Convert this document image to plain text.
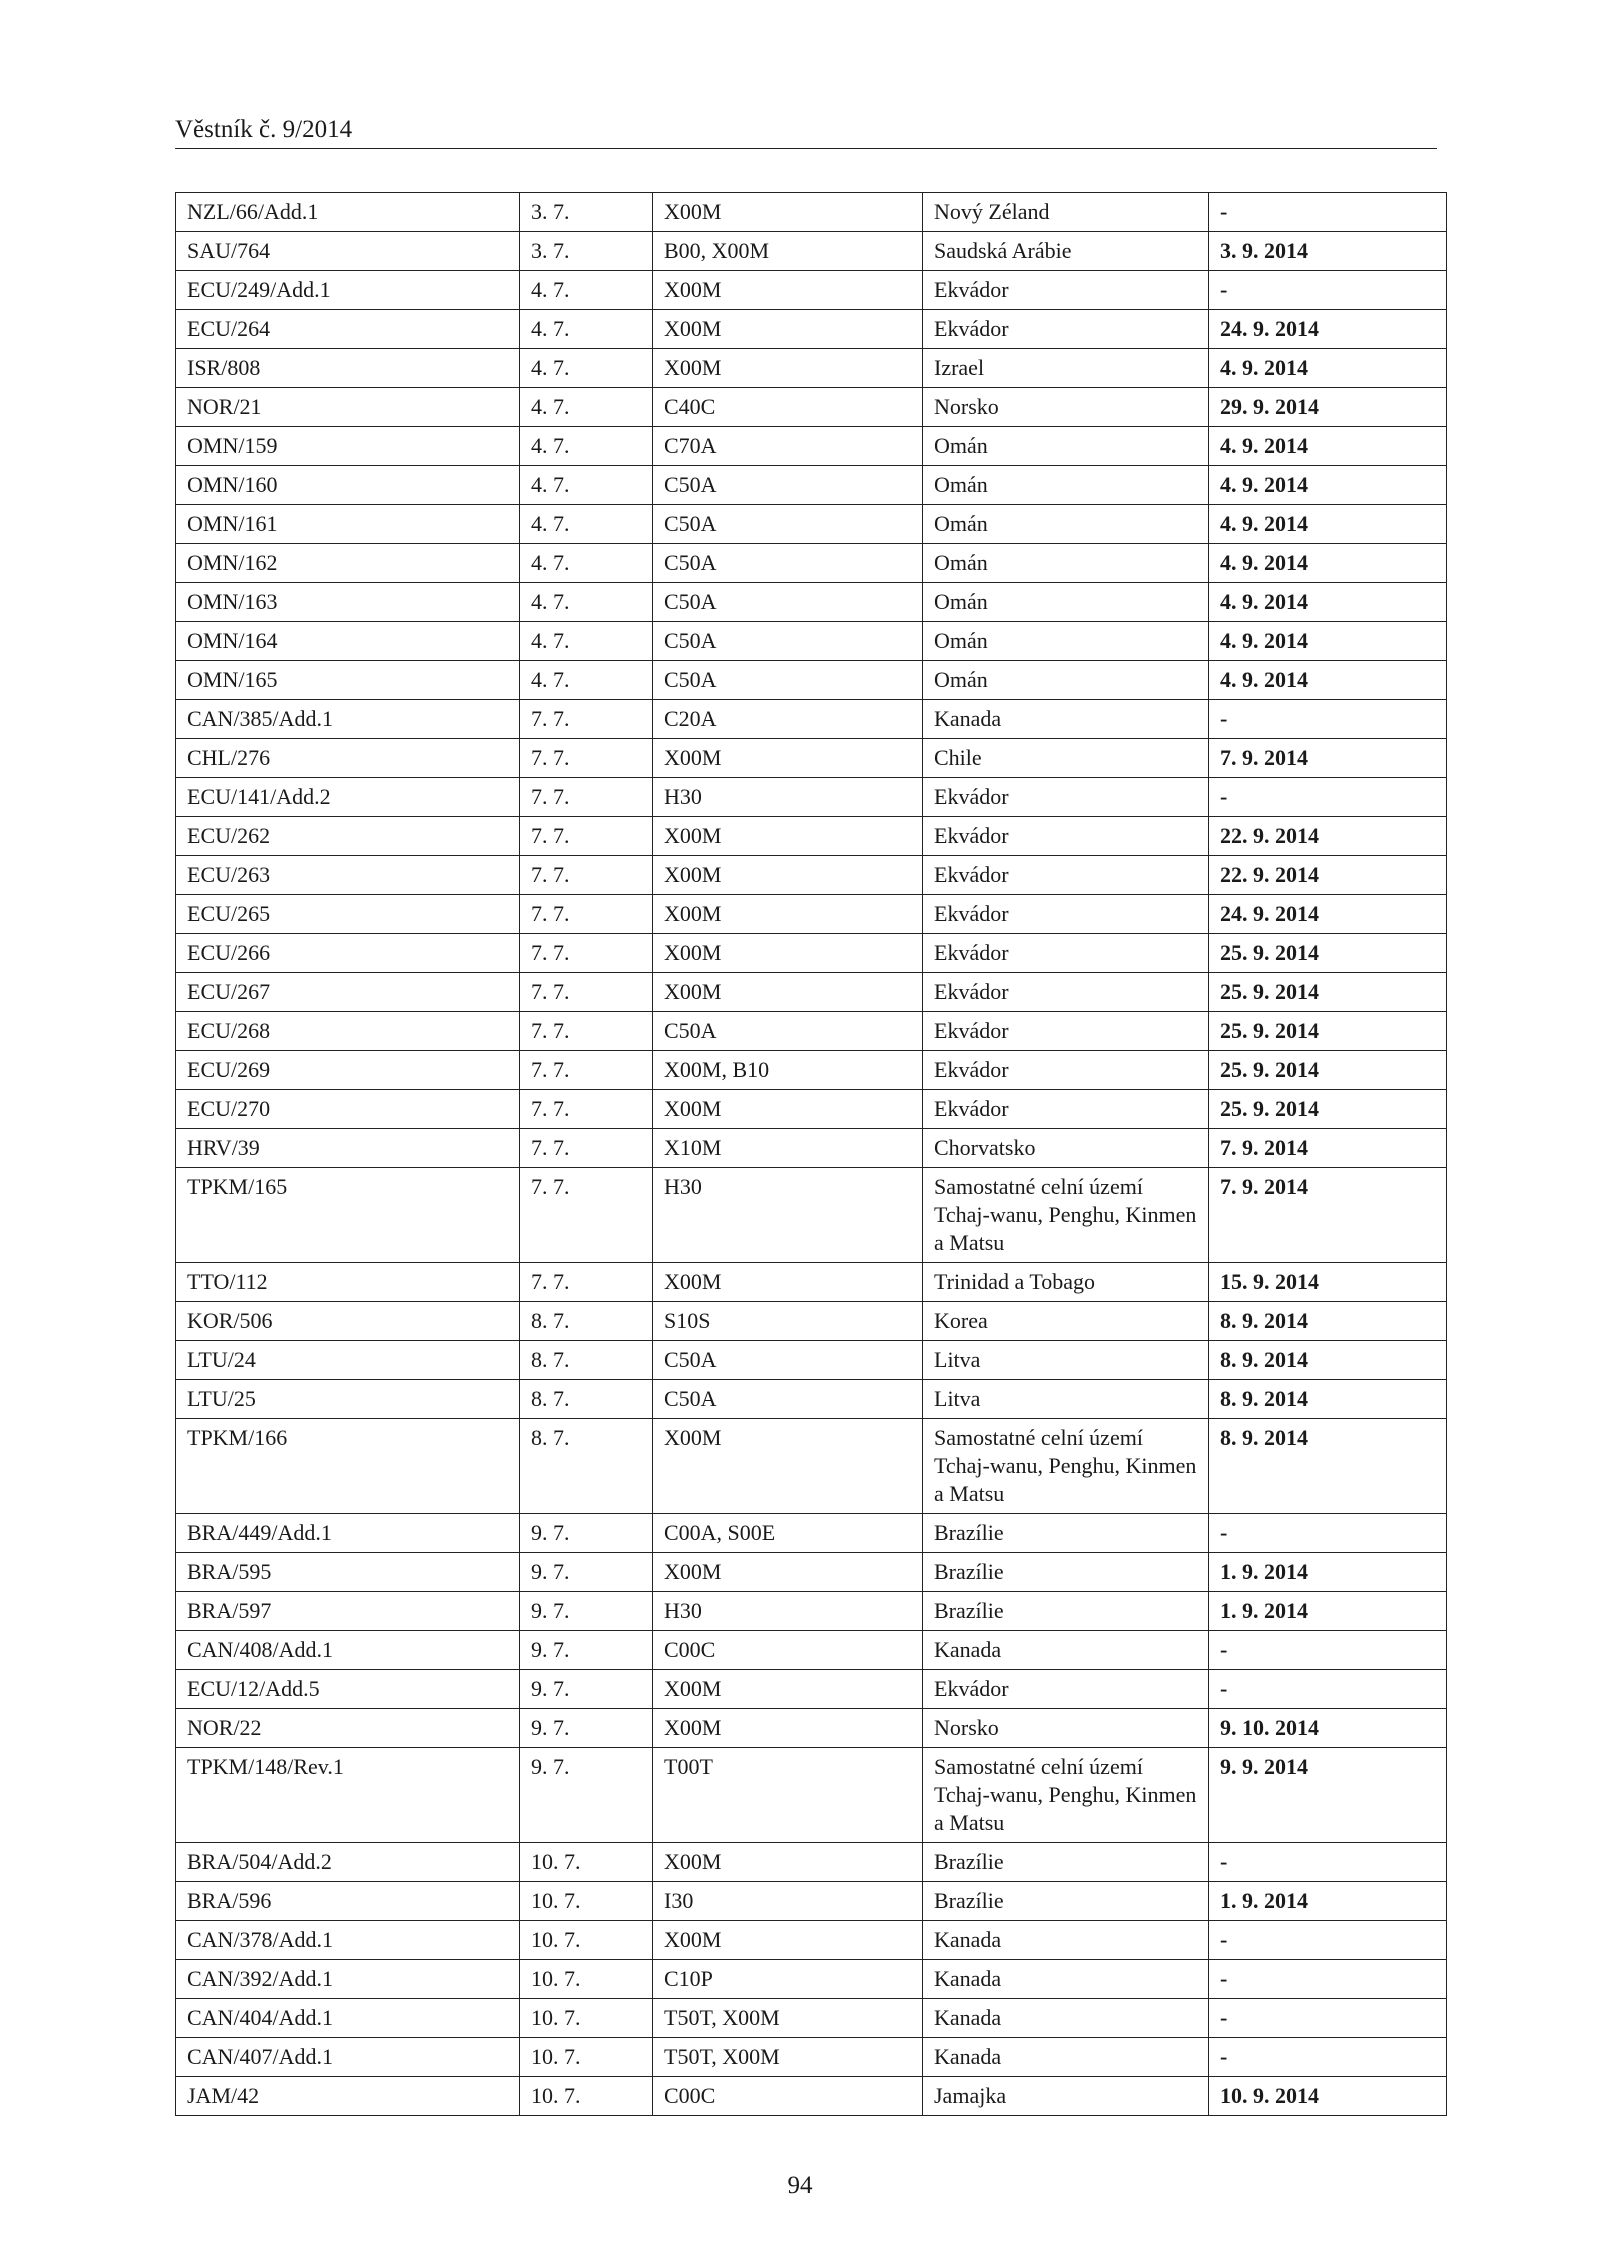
Věstník č. 9/2014
NZL/66/Add.1	3. 7.	X00M	Nový Zéland	-
SAU/764	3. 7.	B00, X00M	Saudská Arábie	3. 9. 2014
ECU/249/Add.1	4. 7.	X00M	Ekvádor	-
ECU/264	4. 7.	X00M	Ekvádor	24. 9. 2014
ISR/808	4. 7.	X00M	Izrael	4. 9. 2014
NOR/21	4. 7.	C40C	Norsko	29. 9. 2014
OMN/159	4. 7.	C70A	Omán	4. 9. 2014
OMN/160	4. 7.	C50A	Omán	4. 9. 2014
OMN/161	4. 7.	C50A	Omán	4. 9. 2014
OMN/162	4. 7.	C50A	Omán	4. 9. 2014
OMN/163	4. 7.	C50A	Omán	4. 9. 2014
OMN/164	4. 7.	C50A	Omán	4. 9. 2014
OMN/165	4. 7.	C50A	Omán	4. 9. 2014
CAN/385/Add.1	7. 7.	C20A	Kanada	-
CHL/276	7. 7.	X00M	Chile	7. 9. 2014
ECU/141/Add.2	7. 7.	H30	Ekvádor	-
ECU/262	7. 7.	X00M	Ekvádor	22. 9. 2014
ECU/263	7. 7.	X00M	Ekvádor	22. 9. 2014
ECU/265	7. 7.	X00M	Ekvádor	24. 9. 2014
ECU/266	7. 7.	X00M	Ekvádor	25. 9. 2014
ECU/267	7. 7.	X00M	Ekvádor	25. 9. 2014
ECU/268	7. 7.	C50A	Ekvádor	25. 9. 2014
ECU/269	7. 7.	X00M, B10	Ekvádor	25. 9. 2014
ECU/270	7. 7.	X00M	Ekvádor	25. 9. 2014
HRV/39	7. 7.	X10M	Chorvatsko	7. 9. 2014
TPKM/165	7. 7.	H30	Samostatné celní území Tchaj-wanu, Penghu, Kinmen a Matsu	7. 9. 2014
TTO/112	7. 7.	X00M	Trinidad a Tobago	15. 9. 2014
KOR/506	8. 7.	S10S	Korea	8. 9. 2014
LTU/24	8. 7.	C50A	Litva	8. 9. 2014
LTU/25	8. 7.	C50A	Litva	8. 9. 2014
TPKM/166	8. 7.	X00M	Samostatné celní území Tchaj-wanu, Penghu, Kinmen a Matsu	8. 9. 2014
BRA/449/Add.1	9. 7.	C00A, S00E	Brazílie	-
BRA/595	9. 7.	X00M	Brazílie	1. 9. 2014
BRA/597	9. 7.	H30	Brazílie	1. 9. 2014
CAN/408/Add.1	9. 7.	C00C	Kanada	-
ECU/12/Add.5	9. 7.	X00M	Ekvádor	-
NOR/22	9. 7.	X00M	Norsko	9. 10. 2014
TPKM/148/Rev.1	9. 7.	T00T	Samostatné celní území Tchaj-wanu, Penghu, Kinmen a Matsu	9. 9. 2014
BRA/504/Add.2	10. 7.	X00M	Brazílie	-
BRA/596	10. 7.	I30	Brazílie	1. 9. 2014
CAN/378/Add.1	10. 7.	X00M	Kanada	-
CAN/392/Add.1	10. 7.	C10P	Kanada	-
CAN/404/Add.1	10. 7.	T50T, X00M	Kanada	-
CAN/407/Add.1	10. 7.	T50T, X00M	Kanada	-
JAM/42	10. 7.	C00C	Jamajka	10. 9. 2014
94
